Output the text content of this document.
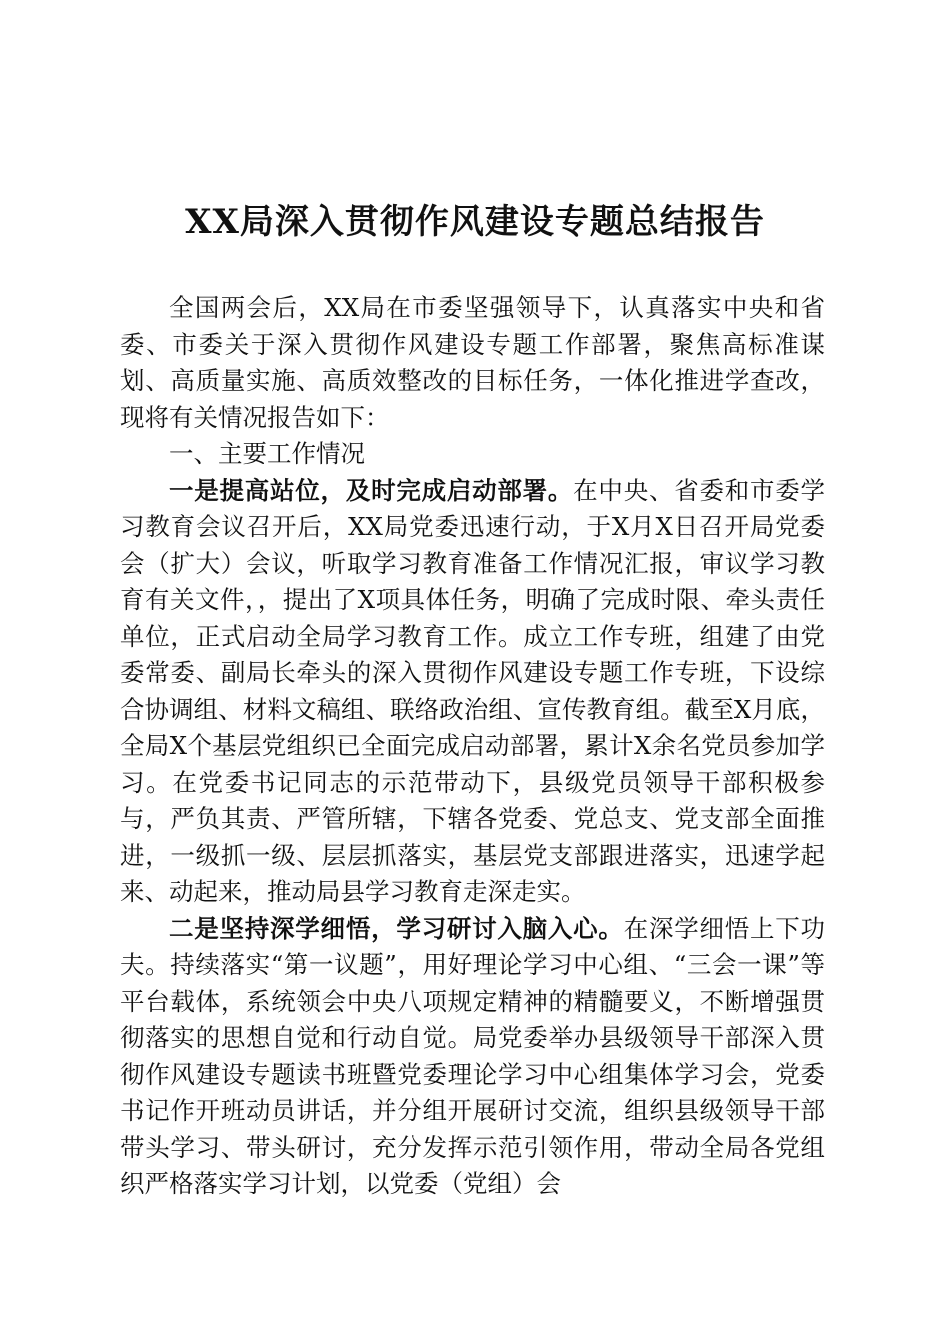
XX局深入贯彻作风建设专题总结报告

全国两会后，XX局在市委坚强领导下，认真落实中央和省委、市委关于深入贯彻作风建设专题工作部署，聚焦高标准谋划、高质量实施、高质效整改的目标任务，一体化推进学查改，现将有关情况报告如下：

一、主要工作情况

一是提高站位，及时完成启动部署。在中央、省委和市委学习教育会议召开后，XX局党委迅速行动，于X月X日召开局党委会（扩大）会议，听取学习教育准备工作情况汇报，审议学习教育有关文件，，提出了X项具体任务，明确了完成时限、牵头责任单位，正式启动全局学习教育工作。成立工作专班，组建了由党委常委、副局长牵头的深入贯彻作风建设专题工作专班，下设综合协调组、材料文稿组、联络政治组、宣传教育组。截至X月底，全局X个基层党组织已全面完成启动部署，累计X余名党员参加学习。在党委书记同志的示范带动下，县级党员领导干部积极参与，严负其责、严管所辖，下辖各党委、党总支、党支部全面推进，一级抓一级、层层抓落实，基层党支部跟进落实，迅速学起来、动起来，推动局县学习教育走深走实。

二是坚持深学细悟，学习研讨入脑入心。在深学细悟上下功夫。持续落实“第一议题”，用好理论学习中心组、“三会一课”等平台载体，系统领会中央八项规定精神的精髓要义，不断增强贯彻落实的思想自觉和行动自觉。局党委举办县级领导干部深入贯彻作风建设专题读书班暨党委理论学习中心组集体学习会，党委书记作开班动员讲话，并分组开展研讨交流，组织县级领导干部带头学习、带头研讨，充分发挥示范引领作用，带动全局各党组织严格落实学习计划，以党委（党组）会
